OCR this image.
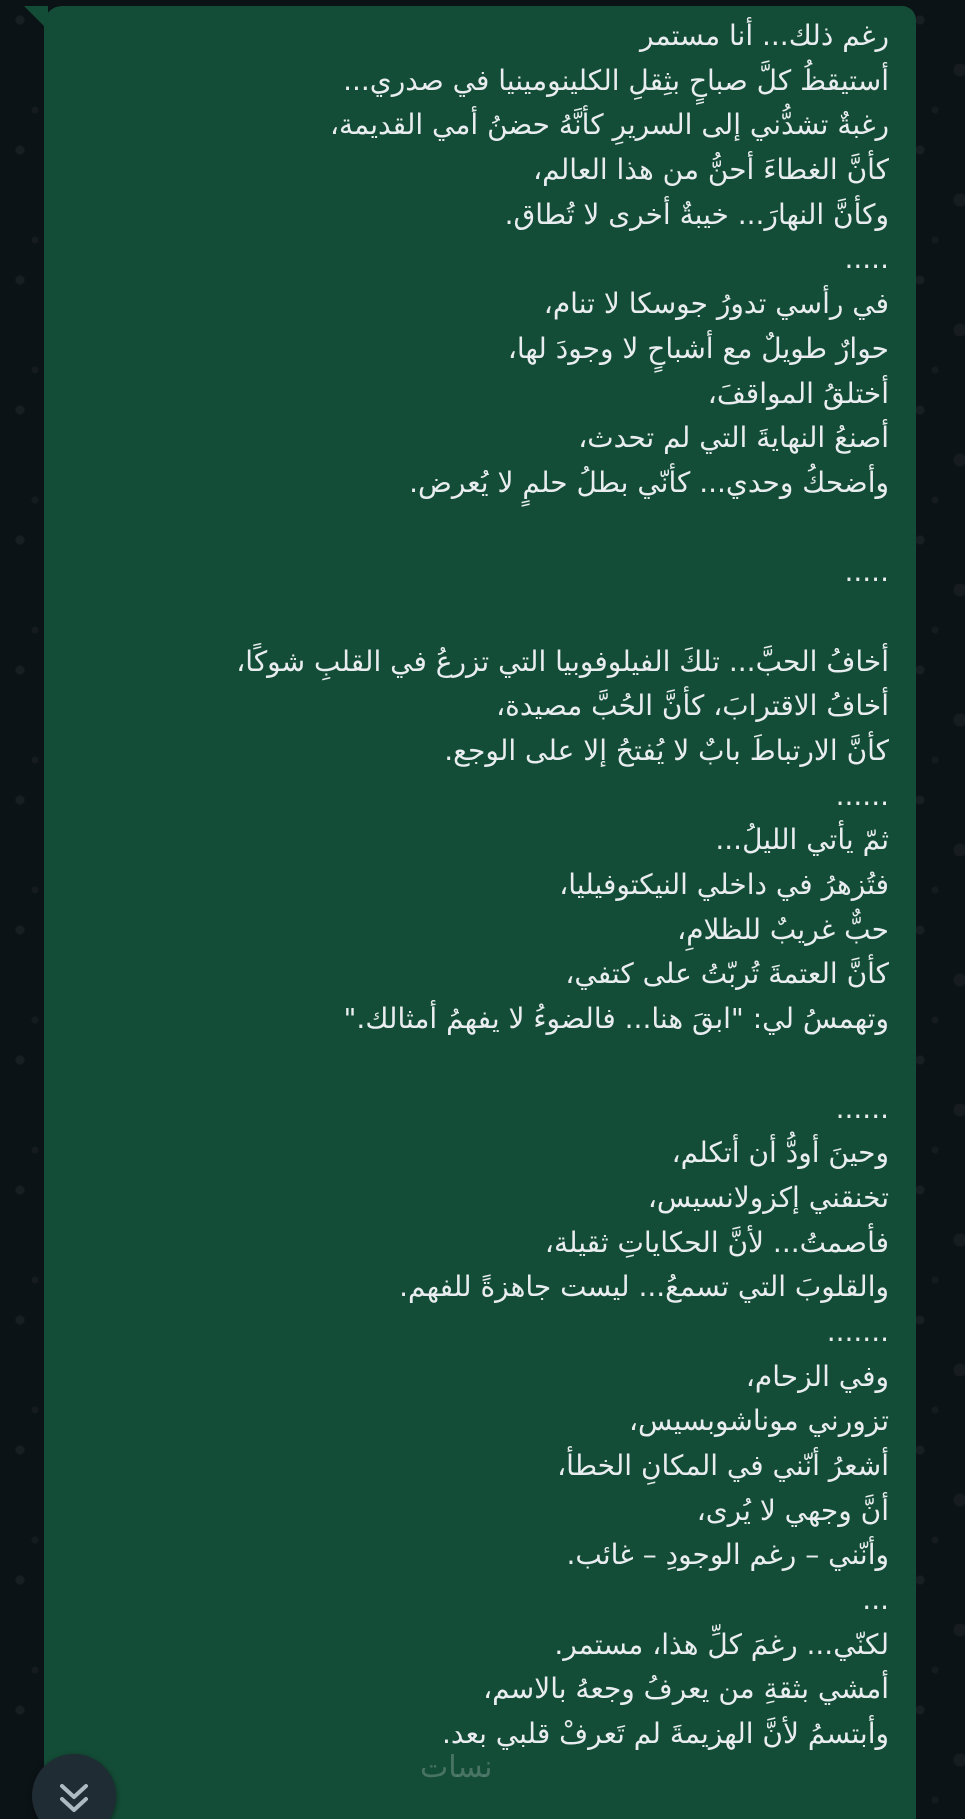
رغم ذلك... أنا مستمر
أستيقظُ كلَّ صباحٍ بثِقلِ الكلينومينيا في صدري...
رغبةٌ تشدُّني إلى السريرِ كأنَّهُ حضنُ أمي القديمة،
كأنَّ الغطاءَ أحنُّ من هذا العالم،
وكأنَّ النهارَ... خيبةٌ أخرى لا تُطاق.
.....
في رأسي تدورُ جوسكا لا تنام،
حوارٌ طويلٌ مع أشباحٍ لا وجودَ لها،
أختلقُ المواقفَ،
أصنعُ النهايةَ التي لم تحدث،
وأضحكُ وحدي... كأنّي بطلُ حلمٍ لا يُعرض.
.....
أخافُ الحبَّ... تلكَ الفيلوفوبيا التي تزرعُ في القلبِ شوكًا،
أخافُ الاقترابَ، كأنَّ الحُبَّ مصيدة،
كأنَّ الارتباطَ بابٌ لا يُفتحُ إلا على الوجع.
......
ثمّ يأتي الليلُ...
فتُزهرُ في داخلي النيكتوفيليا،
حبٌّ غريبٌ للظلامِ،
كأنَّ العتمةَ تُربّتُ على كتفي،
وتهمسُ لي: "ابقَ هنا... فالضوءُ لا يفهمُ أمثالك."
......
وحينَ أودُّ أن أتكلم،
تخنقني إكزولانسيس،
فأصمتُ... لأنَّ الحكاياتِ ثقيلة،
والقلوبَ التي تسمعُ... ليست جاهزةً للفهم.
.......
وفي الزحام،
تزورني موناشوبسيس،
أشعرُ أنّني في المكانِ الخطأ،
أنَّ وجهي لا يُرى،
وأنّني – رغم الوجودِ – غائب.
...
لكنّي... رغمَ كلِّ هذا، مستمر.
أمشي بثقةِ من يعرفُ وجعهُ بالاسم،
وأبتسمُ لأنَّ الهزيمةَ لم تَعرفْ قلبي بعد.
نسات
